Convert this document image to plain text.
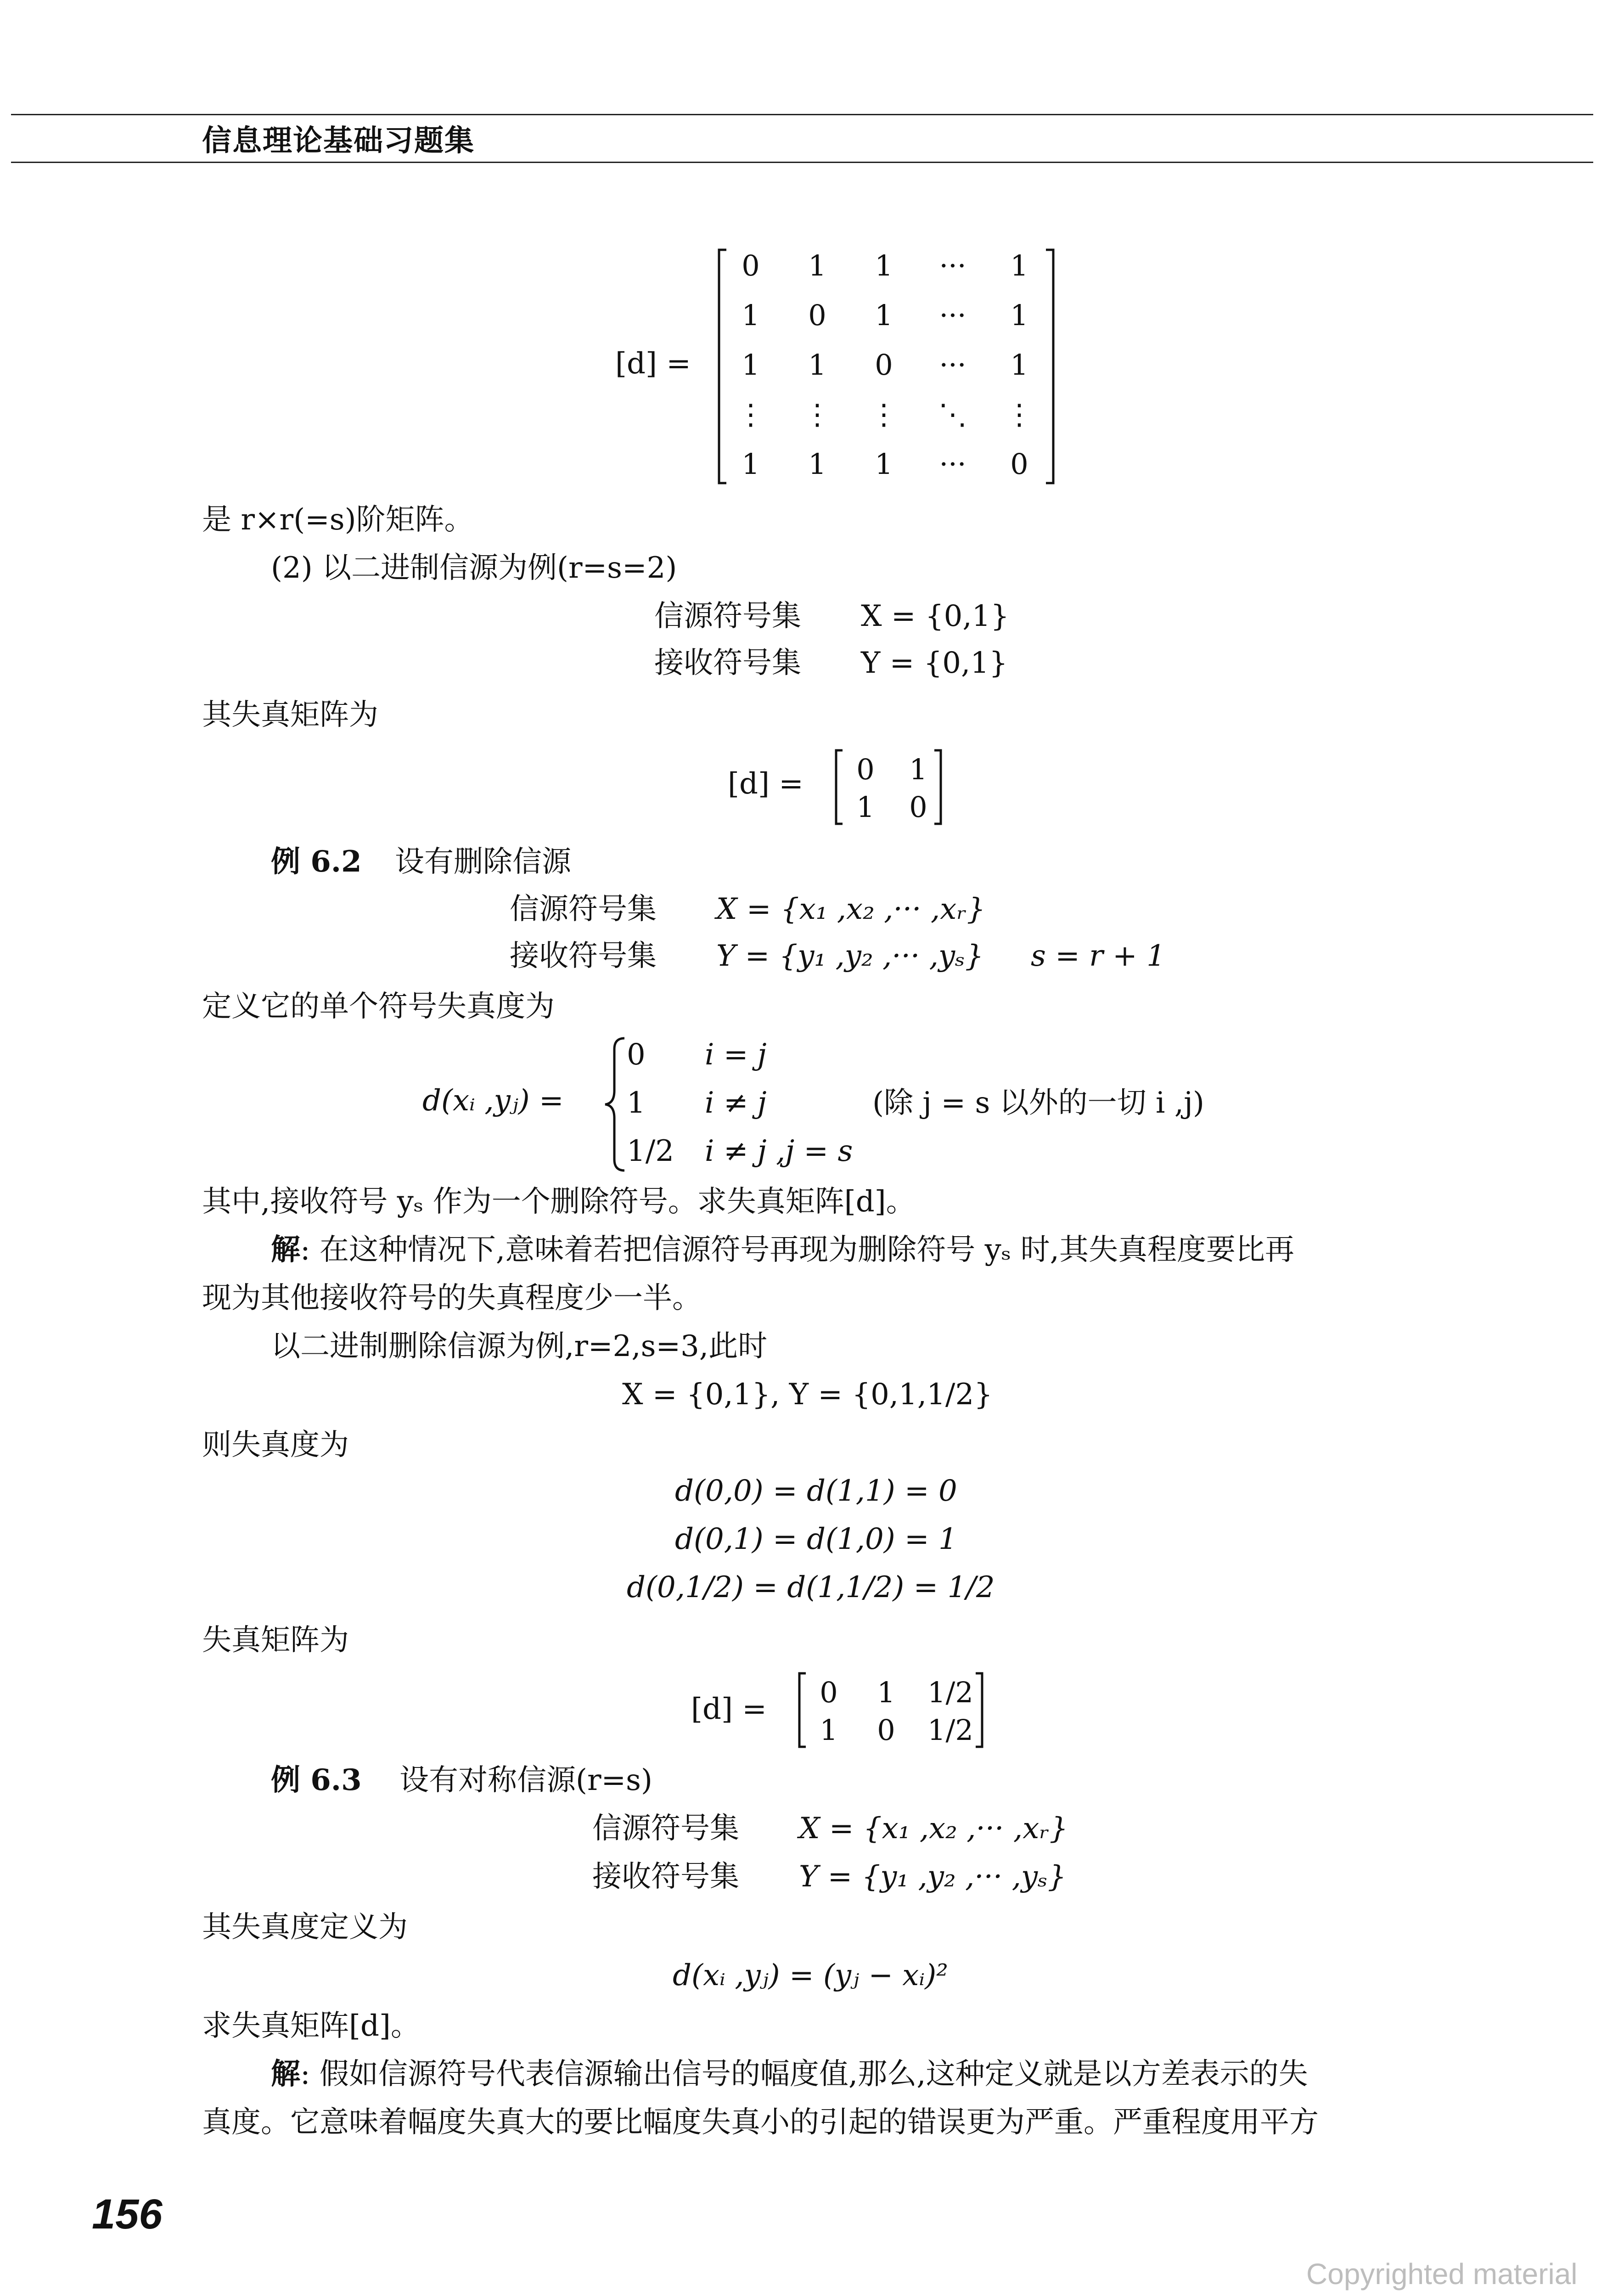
信息理论基础习题集
[d] =
0	1	1	···	1
1	0	1	···	1
1	1	0	···	1
⋮ ⋮ ⋮ ⋱ ⋮
1	1	1	···	0
是 r×r(=s)阶矩阵。
(2) 以二进制信源为例(r=s=2)
信源符号集 X = {0,1}
接收符号集 Y = {0,1}
其失真矩阵为
[d] =	0	1
1	0
例 6.2 设有删除信源
信源符号集 X = {x₁ ,x₂ ,··· ,xᵣ}
接收符号集 Y = {y₁ ,y₂ ,··· ,yₛ} s = r + 1
定义它的单个符号失真度为
d(xᵢ ,yⱼ) =
0 i = j
1 i ≠ j	(除 j = s 以外的一切 i ,j)
1/2 i ≠ j ,j = s
其中,接收符号 yₛ 作为一个删除符号。求失真矩阵[d]。
解: 在这种情况下,意味着若把信源符号再现为删除符号 yₛ 时,其失真程度要比再
现为其他接收符号的失真程度少一半。
以二进制删除信源为例,r=2,s=3,此时
X = {0,1}, Y = {0,1,1/2}
则失真度为
d(0,0) = d(1,1) = 0
d(0,1) = d(1,0) = 1
d(0,1/2) = d(1,1/2) = 1/2
失真矩阵为
[d] =	0	1	1/2
1	0	1/2
例 6.3 设有对称信源(r=s)
信源符号集 X = {x₁ ,x₂ ,··· ,xᵣ}
接收符号集 Y = {y₁ ,y₂ ,··· ,yₛ}
其失真度定义为
d(xᵢ ,yⱼ) = (yⱼ − xᵢ)²
求失真矩阵[d]。
解: 假如信源符号代表信源输出信号的幅度值,那么,这种定义就是以方差表示的失
真度。它意味着幅度失真大的要比幅度失真小的引起的错误更为严重。严重程度用平方
156
Copyrighted material
